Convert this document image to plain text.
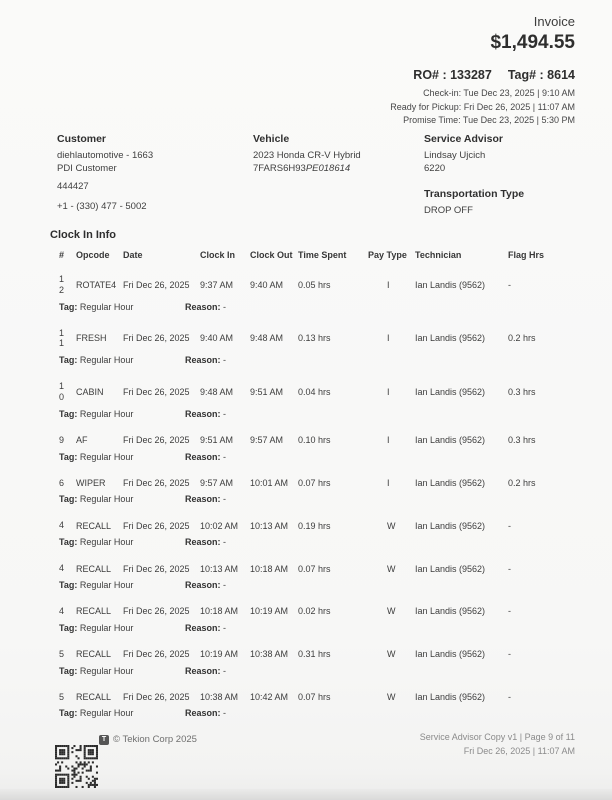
Invoice
$1,494.55
RO# : 133287 Tag# : 8614
Check-in: Tue Dec 23, 2025 | 9:10 AM
Ready for Pickup: Fri Dec 26, 2025 | 11:07 AM
Promise Time: Tue Dec 23, 2025 | 5:30 PM
Customer
diehlautomotive - 1663
PDI Customer
444427
+1 - (330) 477 - 5002
Vehicle
2023 Honda CR-V Hybrid
7FARS6H93PE018614
Service Advisor
Lindsay Ujcich
6220
Transportation Type
DROP OFF
Clock In Info
#	Opcode	Date	Clock In	Clock Out Time Spent	Pay Type Technician	Flag Hrs
12	ROTATE4 Fri Dec 26, 2025	9:37 AM	9:40 AM	0.05 hrs	I	Ian Landis (9562)	-
Tag: Regular Hour	Reason: -
11	FRESH	Fri Dec 26, 2025	9:40 AM	9:48 AM	0.13 hrs	I	Ian Landis (9562)	0.2 hrs
Tag: Regular Hour	Reason: -
10	CABIN	Fri Dec 26, 2025	9:48 AM	9:51 AM	0.04 hrs	I	Ian Landis (9562)	0.3 hrs
Tag: Regular Hour	Reason: -
9	AF	Fri Dec 26, 2025	9:51 AM	9:57 AM	0.10 hrs	I	Ian Landis (9562)	0.3 hrs
Tag: Regular Hour	Reason: -
6	WIPER	Fri Dec 26, 2025	9:57 AM	10:01 AM	0.07 hrs	I	Ian Landis (9562)	0.2 hrs
Tag: Regular Hour	Reason: -
4	RECALL	Fri Dec 26, 2025	10:02 AM	10:13 AM	0.19 hrs	W	Ian Landis (9562)	-
Tag: Regular Hour	Reason: -
4	RECALL	Fri Dec 26, 2025	10:13 AM	10:18 AM	0.07 hrs	W	Ian Landis (9562)	-
Tag: Regular Hour	Reason: -
4	RECALL	Fri Dec 26, 2025	10:18 AM	10:19 AM	0.02 hrs	W	Ian Landis (9562)	-
Tag: Regular Hour	Reason: -
5	RECALL	Fri Dec 26, 2025	10:19 AM	10:38 AM	0.31 hrs	W	Ian Landis (9562)	-
Tag: Regular Hour	Reason: -
5	RECALL	Fri Dec 26, 2025	10:38 AM	10:42 AM	0.07 hrs	W	Ian Landis (9562)	-
Tag: Regular Hour	Reason: -
T © Tekion Corp 2025	Service Advisor Copy v1 | Page 9 of 11
Fri Dec 26, 2025 | 11:07 AM
